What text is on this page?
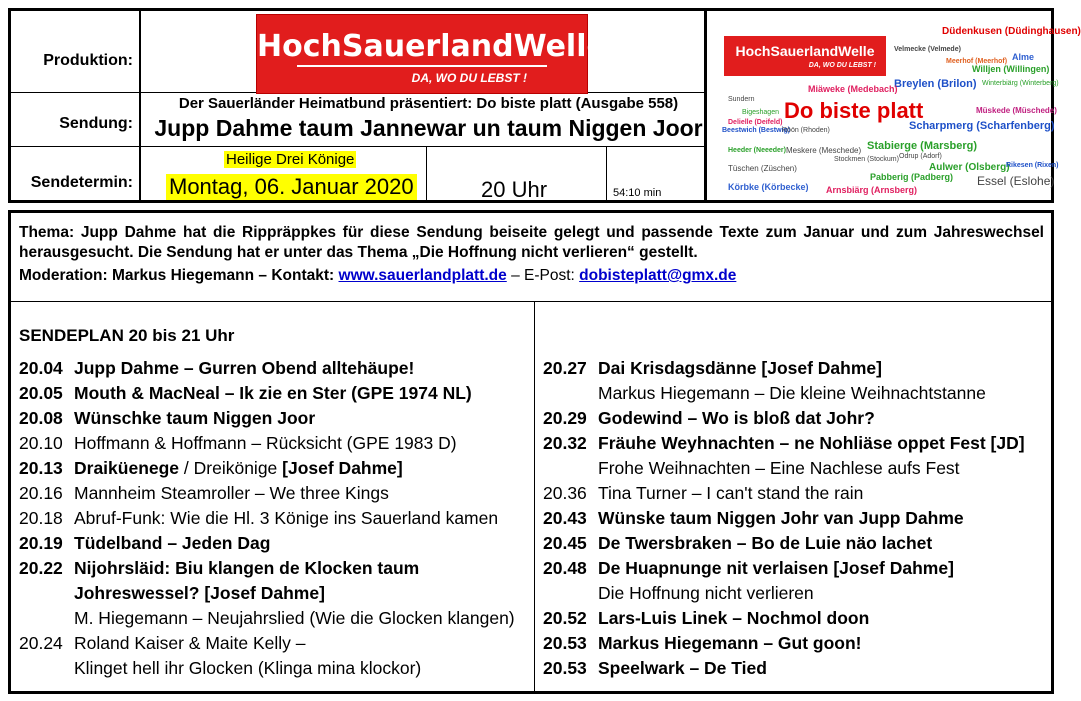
Produktion:
Sendung:
Sendetermin:
HochSauerlandWelle
DA, WO DU LEBST !
Der Sauerländer Heimatbund präsentiert: Do biste platt (Ausgabe 558)
Jupp Dahme taum Jannewar un taum Niggen Joor
Heilige Drei Könige
Montag, 06. Januar 2020	20 Uhr	54:10 min
HochSauerlandWelle
DA, WO DU LEBST !
Do biste platt
Düdenkusen (Düdinghausen)
Velmecke (Velmede)
Alme
Willjen (Willingen)
Breylen (Brilon)
Miäweke (Medebach)
Müskede (Müschede)
Scharpmerg (Scharfenberg)
Stabierge (Marsberg)
Aulwer (Olsberg)
Essel (Eslohe)
Arnsbiärg (Arnsberg)
Körbke (Körbecke)
Pabberig (Padberg)
Sundern
Bigeshagen
Beestwich (Bestwig)
Röön (Rhoden)
Meskere (Meschede)
Rikesen (Rixen)
Heeder (Neeeder)
Tüschen (Züschen)
Stockmen (Stockum) Odrup (Adorf)
Winterbiärg (Winterberg)
Meerhof (Meerhof)
Delielle (Deifeld)
Thema: Jupp Dahme hat die Rippräppkes für diese Sendung beiseite gelegt und passende Texte zum Januar und zum Jahreswechsel herausgesucht. Die Sendung hat er unter das Thema „Die Hoffnung nicht verlieren“ gestellt.
Moderation: Markus Hiegemann – Kontakt: www.sauerlandplatt.de – E-Post: dobisteplatt@gmx.de
SENDEPLAN 20 bis 21 Uhr
20.04 Jupp Dahme – Gurren Obend alltehäupe!
20.05 Mouth & MacNeal – Ik zie en Ster (GPE 1974 NL)
20.08 Wünschke taum Niggen Joor
20.10 Hoffmann & Hoffmann – Rücksicht (GPE 1983 D)
20.13 Draiküenege / Dreikönige [Josef Dahme]
20.16 Mannheim Steamroller – We three Kings
20.18 Abruf-Funk: Wie die Hl. 3 Könige ins Sauerland kamen
20.19 Tüdelband – Jeden Dag
20.22 Nijohrsläid: Biu klangen de Klocken taum
Johreswessel? [Josef Dahme]
M. Hiegemann – Neujahrslied (Wie die Glocken klangen)
20.24 Roland Kaiser & Maite Kelly –
Klinget hell ihr Glocken (Klinga mina klockor)
20.27 Dai Krisdagsdänne [Josef Dahme]
Markus Hiegemann – Die kleine Weihnachtstanne
20.29 Godewind – Wo is bloß dat Johr?
20.32 Fräuhe Weyhnachten – ne Nohliäse oppet Fest [JD]
Frohe Weihnachten – Eine Nachlese aufs Fest
20.36 Tina Turner – I can't stand the rain
20.43 Wünske taum Niggen Johr van Jupp Dahme
20.45 De Twersbraken – Bo de Luie näo lachet
20.48 De Huapnunge nit verlaisen [Josef Dahme]
Die Hoffnung nicht verlieren
20.52 Lars-Luis Linek – Nochmol doon
20.53 Markus Hiegemann – Gut goon!
20.53 Speelwark – De Tied
